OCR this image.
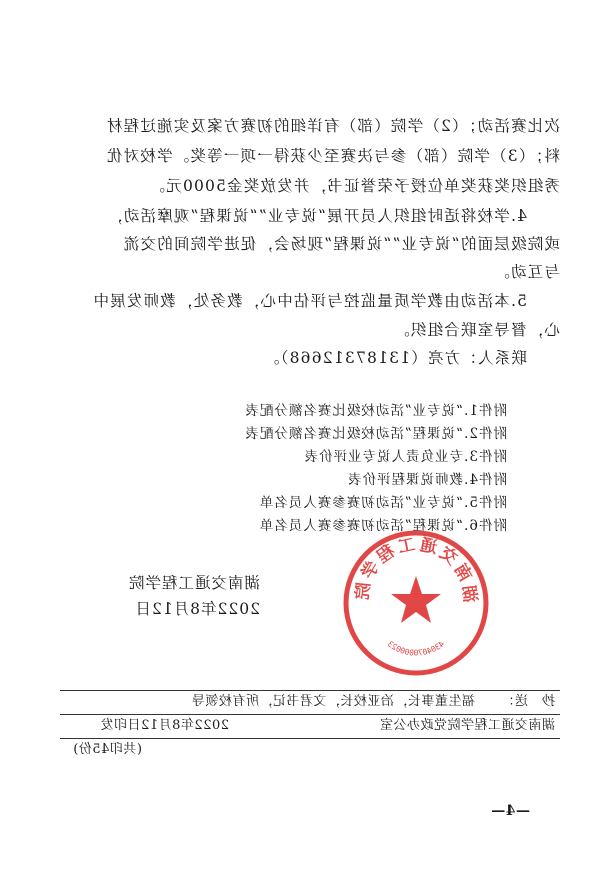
次比赛活动；（2）学院（部）有详细的初赛方案及实施过程材
料；（3）学院（部）参与决赛至少获得一项一等奖。学校对优
秀组织奖获奖单位授予荣誉证书，并发放奖金5000元。
4.学校将适时组织人员开展“说专业”“说课程”观摩活动，
或院级层面的“说专业”“说课程”现场会，促进学院间的交流
与互动。
5.本活动由教学质量监控与评估中心，教务处，教师发展中
心，督导室联合组织。
联系人：方亮（13187312668）。
附件1.“说专业”活动校级比赛名额分配表
附件2.“说课程”活动校级比赛名额分配表
附件3.专业负责人说专业评价表
附件4.教师说课程评价表
附件5.“说专业”活动初赛参赛人员名单
附件6.“说课程”活动初赛参赛人员名单
湖南交通工程学院
4304070000023
湖南交通工程学院
2022年8月12日
抄　送：
福生董事长，冶亚校长，文君书记，所有校领导
湖南交通工程学院党政办公室
2022年8月12日印发
(共印45份)
—4—
